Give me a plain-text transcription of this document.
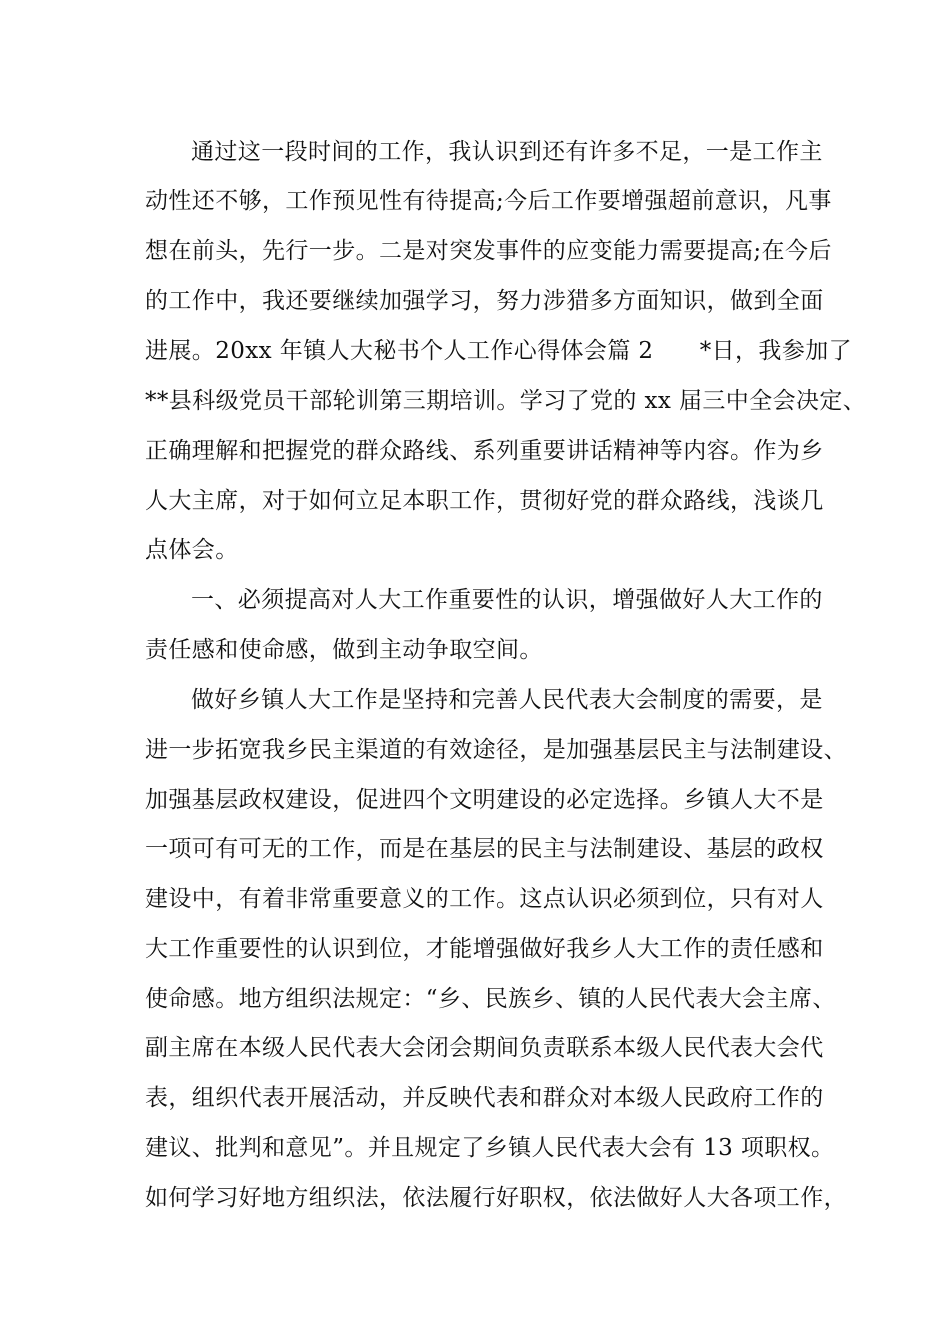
通过这一段时间的工作，我认识到还有许多不足，一是工作主
动性还不够，工作预见性有待提高;今后工作要增强超前意识，凡事
想在前头，先行一步。二是对突发事件的应变能力需要提高;在今后
的工作中，我还要继续加强学习，努力涉猎多方面知识，做到全面
进展。20xx 年镇人大秘书个人工作心得体会篇 2      *日，我参加了
**县科级党员干部轮训第三期培训。学习了党的 xx 届三中全会决定、
正确理解和把握党的群众路线、系列重要讲话精神等内容。作为乡
人大主席，对于如何立足本职工作，贯彻好党的群众路线，浅谈几
点体会。
一、必须提高对人大工作重要性的认识，增强做好人大工作的
责任感和使命感，做到主动争取空间。
做好乡镇人大工作是坚持和完善人民代表大会制度的需要，是
进一步拓宽我乡民主渠道的有效途径，是加强基层民主与法制建设、
加强基层政权建设，促进四个文明建设的必定选择。乡镇人大不是
一项可有可无的工作，而是在基层的民主与法制建设、基层的政权
建设中，有着非常重要意义的工作。这点认识必须到位，只有对人
大工作重要性的认识到位，才能增强做好我乡人大工作的责任感和
使命感。地方组织法规定：“乡、民族乡、镇的人民代表大会主席、
副主席在本级人民代表大会闭会期间负责联系本级人民代表大会代
表，组织代表开展活动，并反映代表和群众对本级人民政府工作的
建议、批判和意见”。并且规定了乡镇人民代表大会有 13 项职权。
如何学习好地方组织法，依法履行好职权，依法做好人大各项工作，
